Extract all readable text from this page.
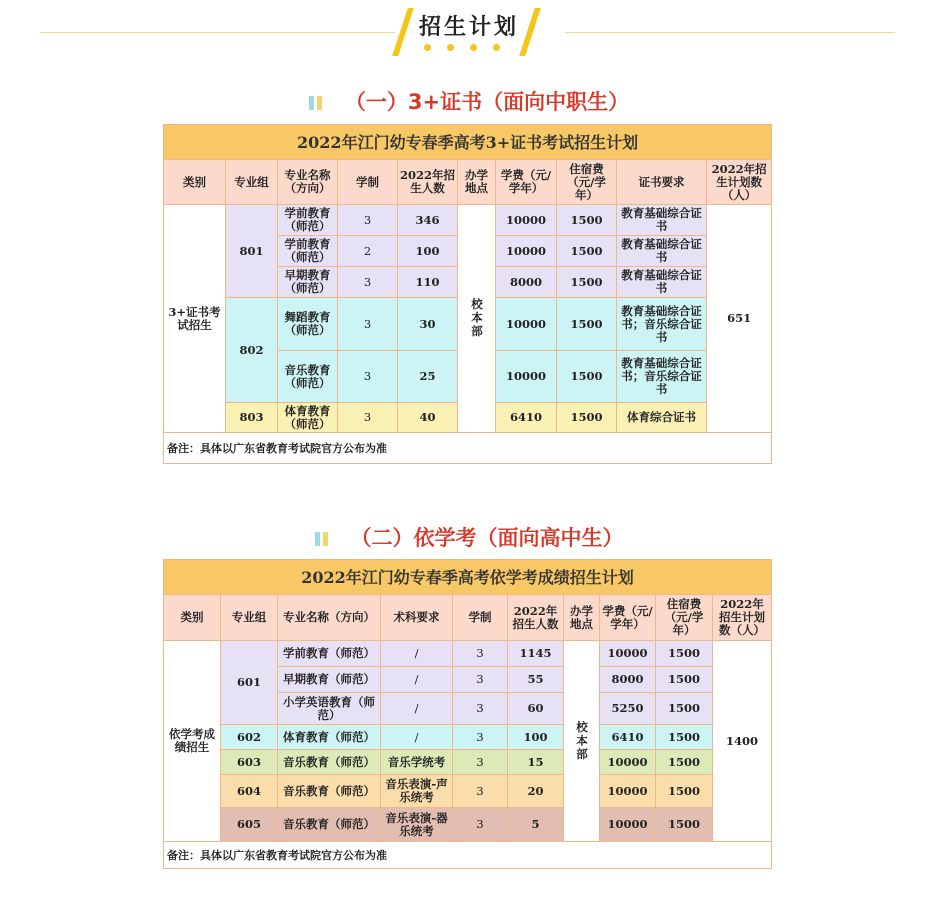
招生计划
（一）3+证书（面向中职生）
2022年江门幼专春季高考3+证书考试招生计划									
类别	专业组	专业名称（方向）	学制	2022年招生人数	办学地点	学费（元/学年）	住宿费（元/学年）	证书要求	2022年招生计划数（人）
3+证书考试招生	801	学前教育（师范）	3	346	校本部	10000	1500	教育基础综合证书	651
		学前教育（师范）	2	100		10000	1500	教育基础综合证书	
		早期教育（师范）	3	110		8000	1500	教育基础综合证书	
	802	舞蹈教育（师范）	3	30		10000	1500	教育基础综合证书；音乐综合证书	
		音乐教育（师范）	3	25		10000	1500	教育基础综合证书；音乐综合证书	
	803	体育教育（师范）	3	40		6410	1500	体育综合证书	
备注：具体以广东省教育考试院官方公布为准									
（二）依学考（面向高中生）
2022年江门幼专春季高考依学考成绩招生计划									
类别	专业组	专业名称（方向）	术科要求	学制	2022年招生人数	办学地点	学费（元/学年）	住宿费（元/学年）	2022年招生计划数（人）
依学考成绩招生	601	学前教育（师范）	/	3	1145	校本部	10000	1500	1400
		早期教育（师范）	/	3	55		8000	1500	
		小学英语教育（师范）	/	3	60		5250	1500	
	602	体育教育（师范）	/	3	100		6410	1500	
	603	音乐教育（师范）	音乐学统考	3	15		10000	1500	
	604	音乐教育（师范）	音乐表演-声乐统考	3	20		10000	1500	
	605	音乐教育（师范）	音乐表演-器乐统考	3	5		10000	1500	
备注：具体以广东省教育考试院官方公布为准									
